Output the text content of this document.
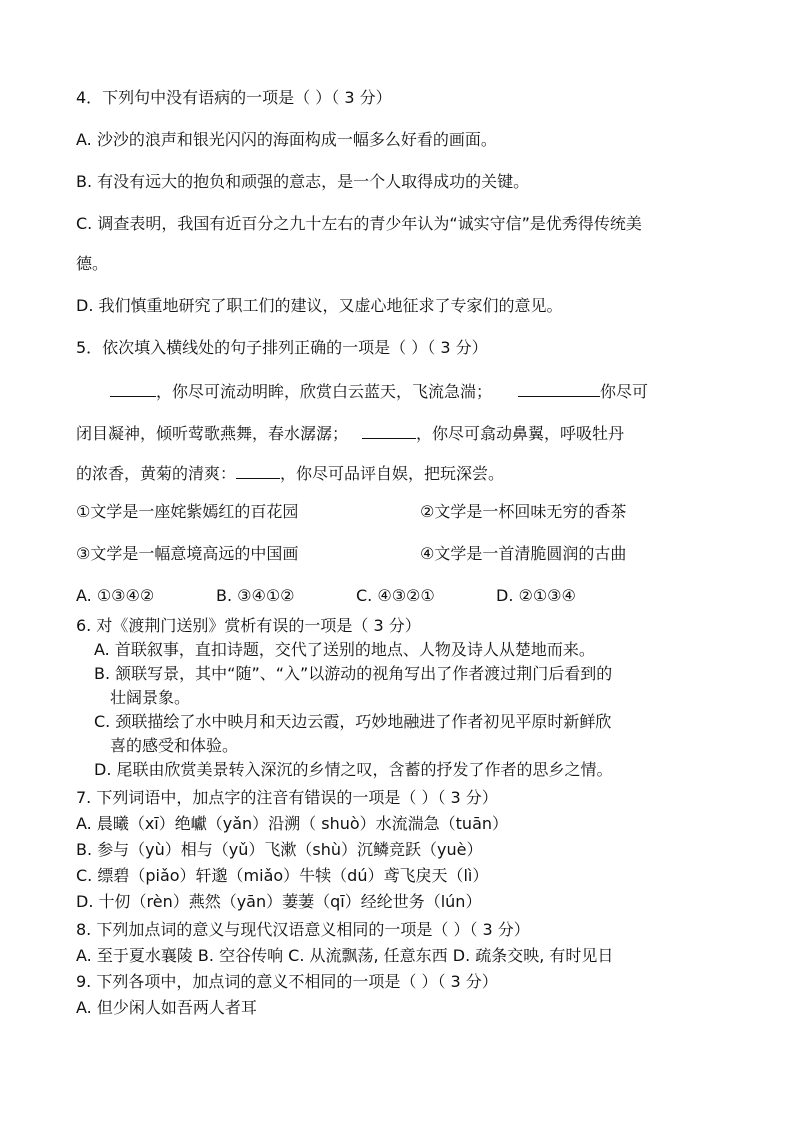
4．下列句中没有语病的一项是（ ）（ 3 分）
A. 沙沙的浪声和银光闪闪的海面构成一幅多么好看的画面。
B. 有没有远大的抱负和顽强的意志，是一个人取得成功的关键。
C. 调查表明，我国有近百分之九十左右的青少年认为“诚实守信”是优秀得传统美
德。
D. 我们慎重地研究了职工们的建议，又虚心地征求了专家们的意见。
5．依次填入横线处的句子排列正确的一项是（ ）（ 3 分）
，你尽可流动明眸，欣赏白云蓝天，飞流急湍；	你尽可
闭目凝神，倾听莺歌燕舞，春水潺潺；	，你尽可翕动鼻翼，呼吸牡丹
的浓香，黄菊的清爽：	，你尽可品评自娱，把玩深尝。
①文学是一座姹紫嫣红的百花园	②文学是一杯回味无穷的香茶
③文学是一幅意境高远的中国画	④文学是一首清脆圆润的古曲
A. ①③④②	B. ③④①②	C. ④③②①	D. ②①③④
6. 对《渡荆门送别》赏析有误的一项是（ 3 分）
A. 首联叙事，直扣诗题，交代了送别的地点、人物及诗人从楚地而来。
B. 颔联写景，其中“随”、“入”以游动的视角写出了作者渡过荆门后看到的
壮阔景象。
C. 颈联描绘了水中映月和天边云霞，巧妙地融进了作者初见平原时新鲜欣
喜的感受和体验。
D. 尾联由欣赏美景转入深沉的乡情之叹，含蓄的抒发了作者的思乡之情。
7. 下列词语中，加点字的注音有错误的一项是（ ）（ 3 分）
A. 晨曦（xī）绝巘（yǎn）沿溯（ shuò）水流湍急（tuān）
B. 参与（yù）相与（yǔ）飞漱（shù）沉鳞竞跃（yuè）
C. 缥碧（piǎo）轩邈（miǎo）牛犊（dú）鸢飞戾天（lì）
D. 十仞（rèn）燕然（yān）萋萋（qī）经纶世务（lún）
8. 下列加点词的意义与现代汉语意义相同的一项是（ ）（ 3 分）
A. 至于夏水襄陵 B. 空谷传响 C. 从流飘荡, 任意东西 D. 疏条交映, 有时见日
9. 下列各项中，加点词的意义不相同的一项是（ ）（ 3 分）
A. 但少闲人如吾两人者耳
